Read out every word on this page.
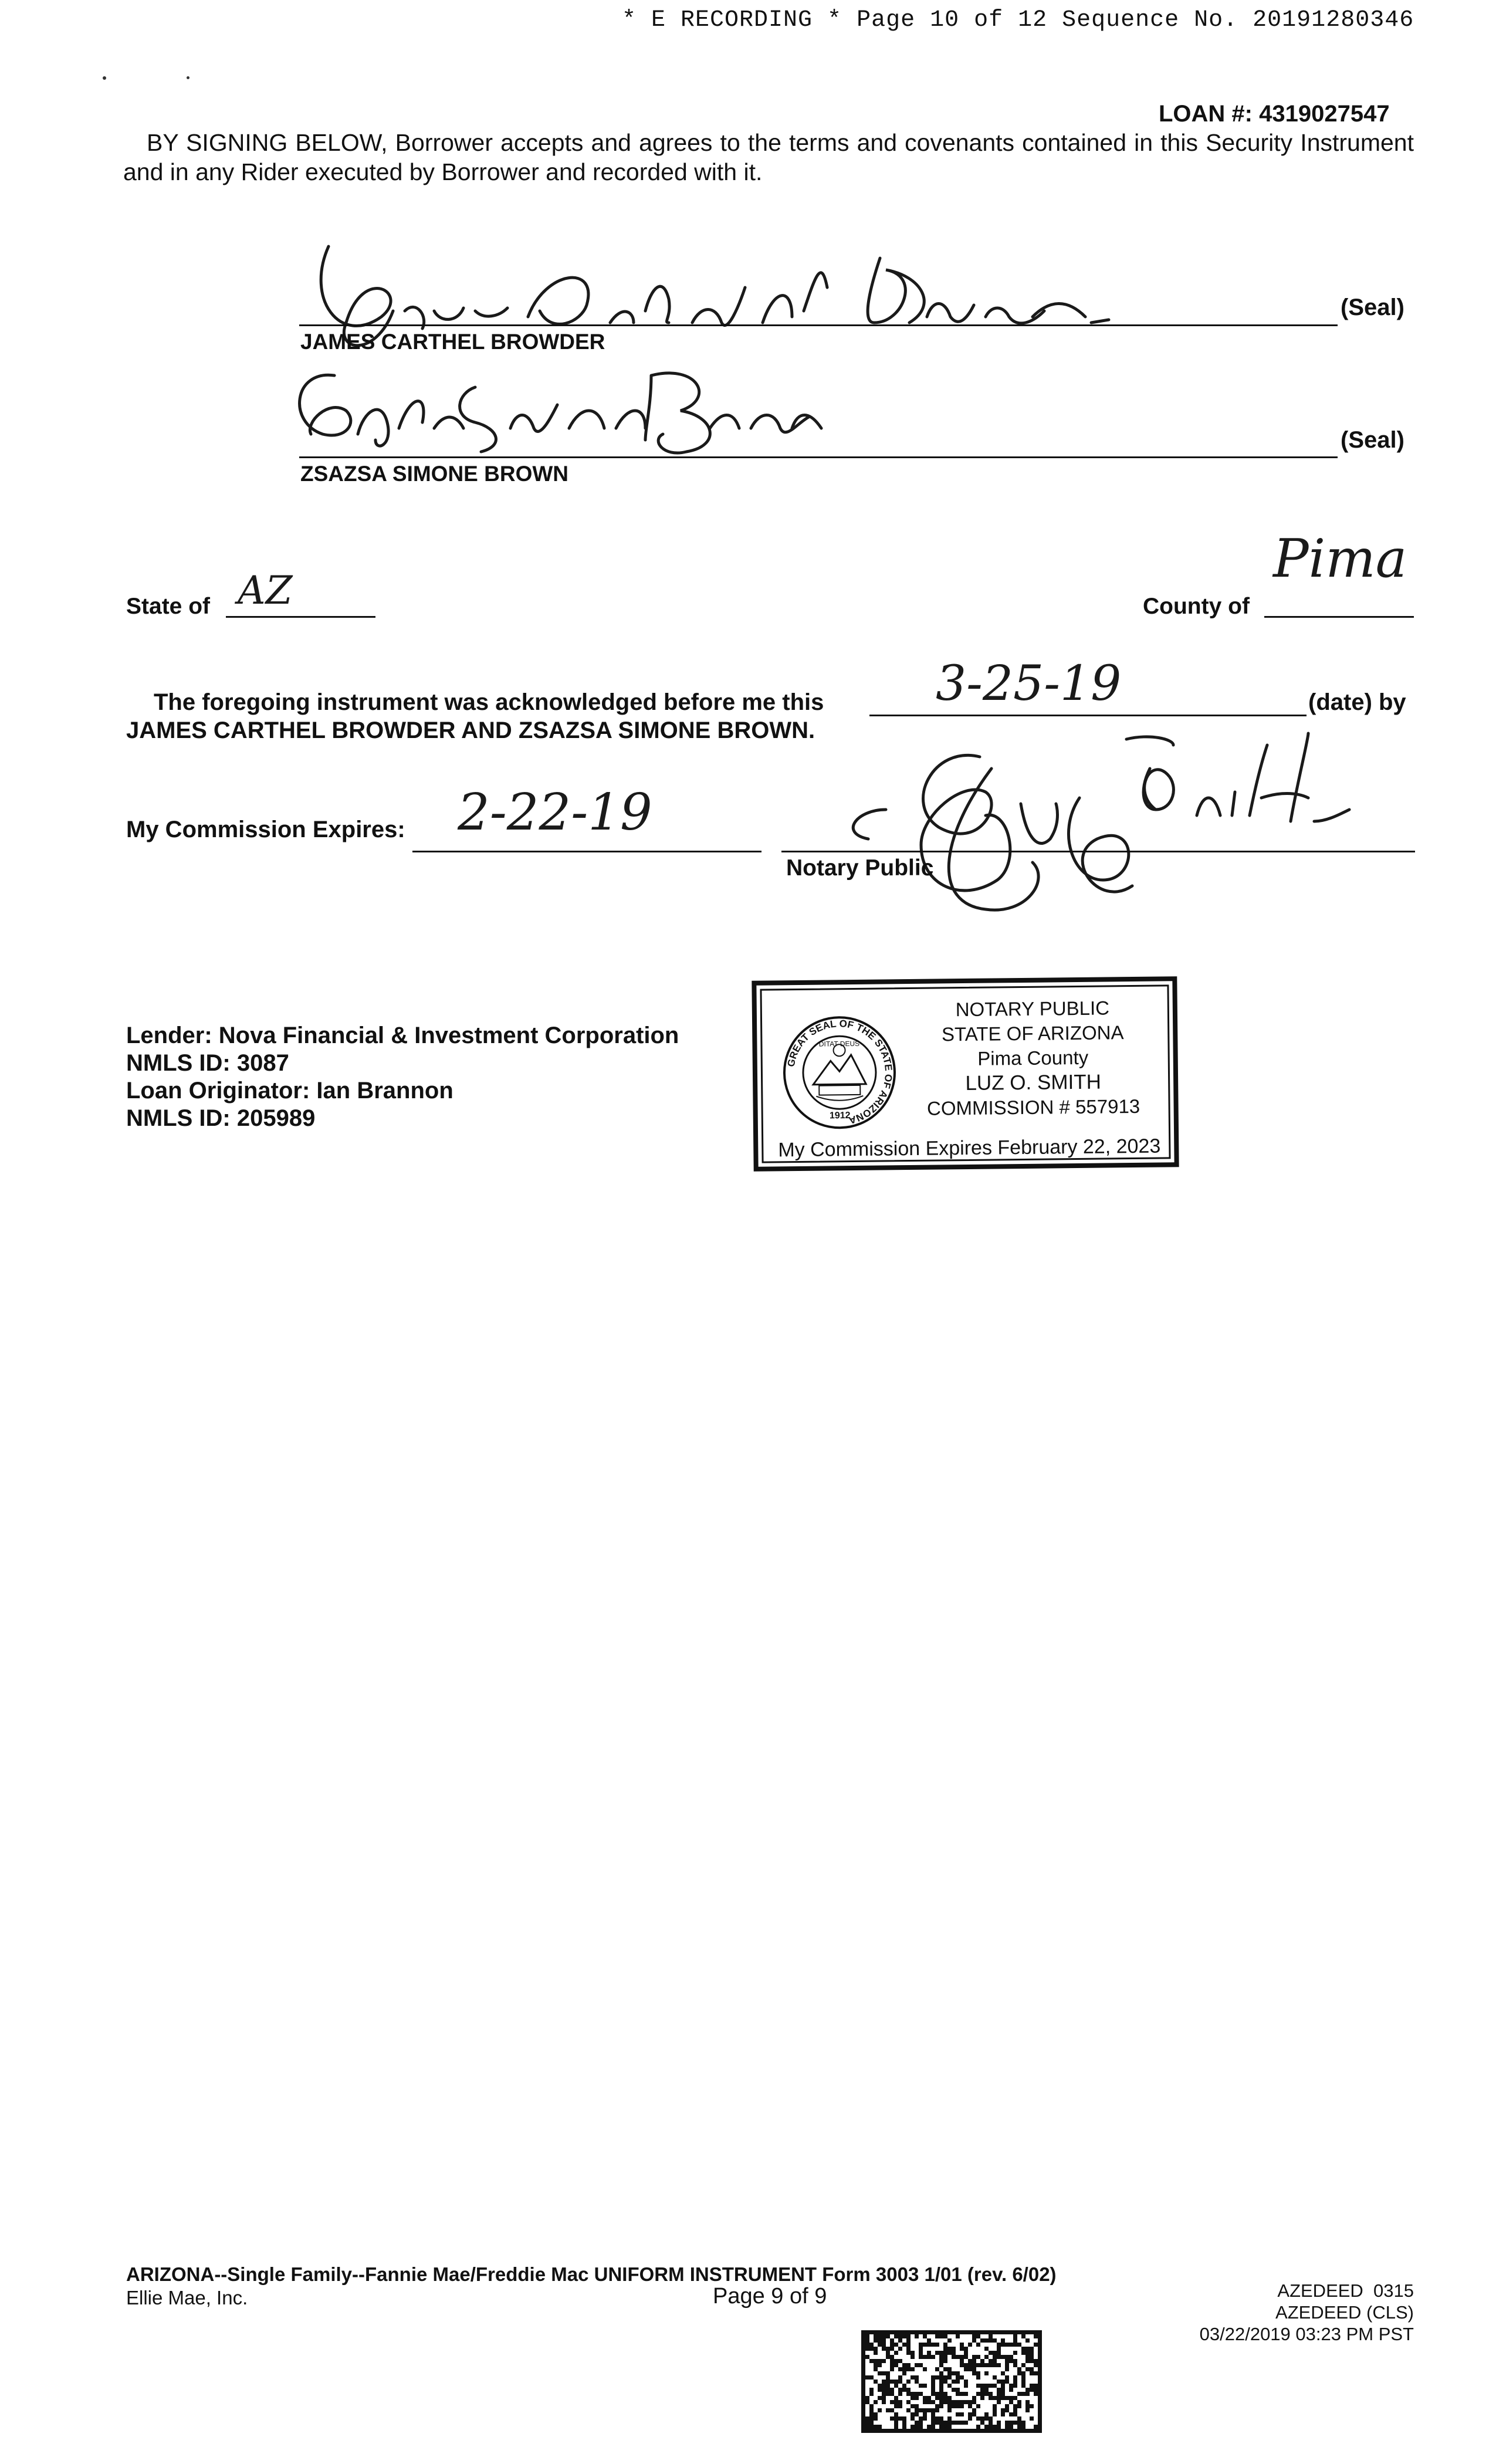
* E RECORDING * Page 10 of 12 Sequence No. 20191280346
LOAN #: 4319027547
BY SIGNING BELOW, Borrower accepts and agrees to the terms and covenants contained in this Security Instrument and in any Rider executed by Borrower and recorded with it.
(Seal)
JAMES CARTHEL BROWDER
(Seal)
ZSAZSA SIMONE BROWN
State of AZ	County of
Pima
The foregoing instrument was acknowledged before me this 3-25-19	(date) by
JAMES CARTHEL BROWDER AND ZSAZSA SIMONE BROWN.
My Commission Expires: 2-22-19
Notary Public
Lender: Nova Financial & Investment Corporation
NMLS ID: 3087
Loan Originator: Ian Brannon
NMLS ID: 205989
GREAT SEAL OF THE STATE OF ARIZONA
DITAT DEUS
1912
NOTARY PUBLIC
STATE OF ARIZONA
Pima County
LUZ O. SMITH
COMMISSION # 557913
My Commission Expires February 22, 2023
ARIZONA--Single Family--Fannie Mae/Freddie Mac UNIFORM INSTRUMENT Form 3003 1/01 (rev. 6/02)
Ellie Mae, Inc.	Page 9 of 9	AZEDEED  0315
AZEDEED (CLS)
03/22/2019 03:23 PM PST
